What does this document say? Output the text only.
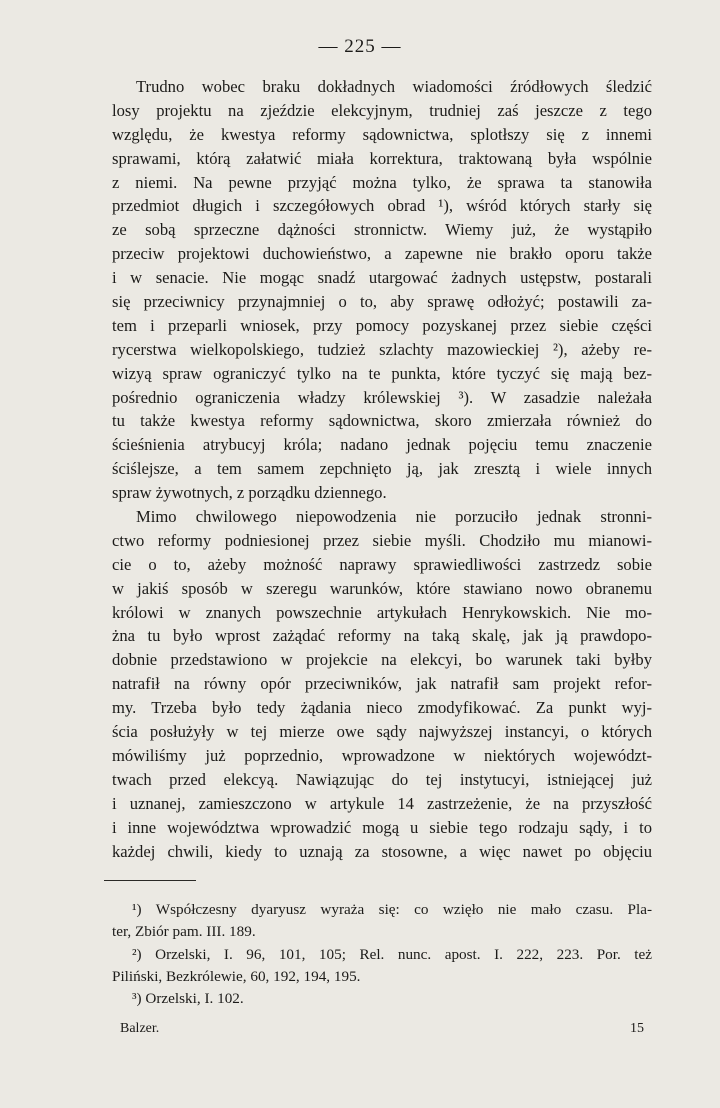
— 225 —
Trudno wobec braku dokładnych wiadomości źródłowych śledzić
losy projektu na zjeździe elekcyjnym, trudniej zaś jeszcze z tego
względu, że kwestya reformy sądownictwa, splotłszy się z innemi
sprawami, którą załatwić miała korrektura, traktowaną była wspólnie
z niemi. Na pewne przyjąć można tylko, że sprawa ta stanowiła
przedmiot długich i szczegółowych obrad ¹), wśród których starły się
ze sobą sprzeczne dążności stronnictw. Wiemy już, że wystąpiło
przeciw projektowi duchowieństwo, a zapewne nie brakło oporu także
i w senacie. Nie mogąc snadź utargować żadnych ustępstw, postarali
się przeciwnicy przynajmniej o to, aby sprawę odłożyć; postawili za-
tem i przeparli wniosek, przy pomocy pozyskanej przez siebie części
rycerstwa wielkopolskiego, tudzież szlachty mazowieckiej ²), ażeby re-
wizyą spraw ograniczyć tylko na te punkta, które tyczyć się mają bez-
pośrednio ograniczenia władzy królewskiej ³). W zasadzie należała
tu także kwestya reformy sądownictwa, skoro zmierzała również do
ścieśnienia atrybucyj króla; nadano jednak pojęciu temu znaczenie
ściślejsze, a tem samem zepchnięto ją, jak zresztą i wiele innych
spraw żywotnych, z porządku dziennego.
Mimo chwilowego niepowodzenia nie porzuciło jednak stronni-
ctwo reformy podniesionej przez siebie myśli. Chodziło mu mianowi-
cie o to, ażeby możność naprawy sprawiedliwości zastrzedz sobie
w jakiś sposób w szeregu warunków, które stawiano nowo obranemu
królowi w znanych powszechnie artykułach Henrykowskich. Nie mo-
żna tu było wprost zażądać reformy na taką skalę, jak ją prawdopo-
dobnie przedstawiono w projekcie na elekcyi, bo warunek taki byłby
natrafił na równy opór przeciwników, jak natrafił sam projekt refor-
my. Trzeba było tedy żądania nieco zmodyfikować. Za punkt wyj-
ścia posłużyły w tej mierze owe sądy najwyższej instancyi, o których
mówiliśmy już poprzednio, wprowadzone w niektórych województ-
twach przed elekcyą. Nawiązując do tej instytucyi, istniejącej już
i uznanej, zamieszczono w artykule 14 zastrzeżenie, że na przyszłość
i inne województwa wprowadzić mogą u siebie tego rodzaju sądy, i to
każdej chwili, kiedy to uznają za stosowne, a więc nawet po objęciu
¹) Współczesny dyaryusz wyraża się: co wzięło nie mało czasu. Pla-
ter, Zbiór pam. III. 189.
²) Orzelski, I. 96, 101, 105; Rel. nunc. apost. I. 222, 223. Por. też
Piliński, Bezkrólewie, 60, 192, 194, 195.
³) Orzelski, I. 102.
Balzer.	15
